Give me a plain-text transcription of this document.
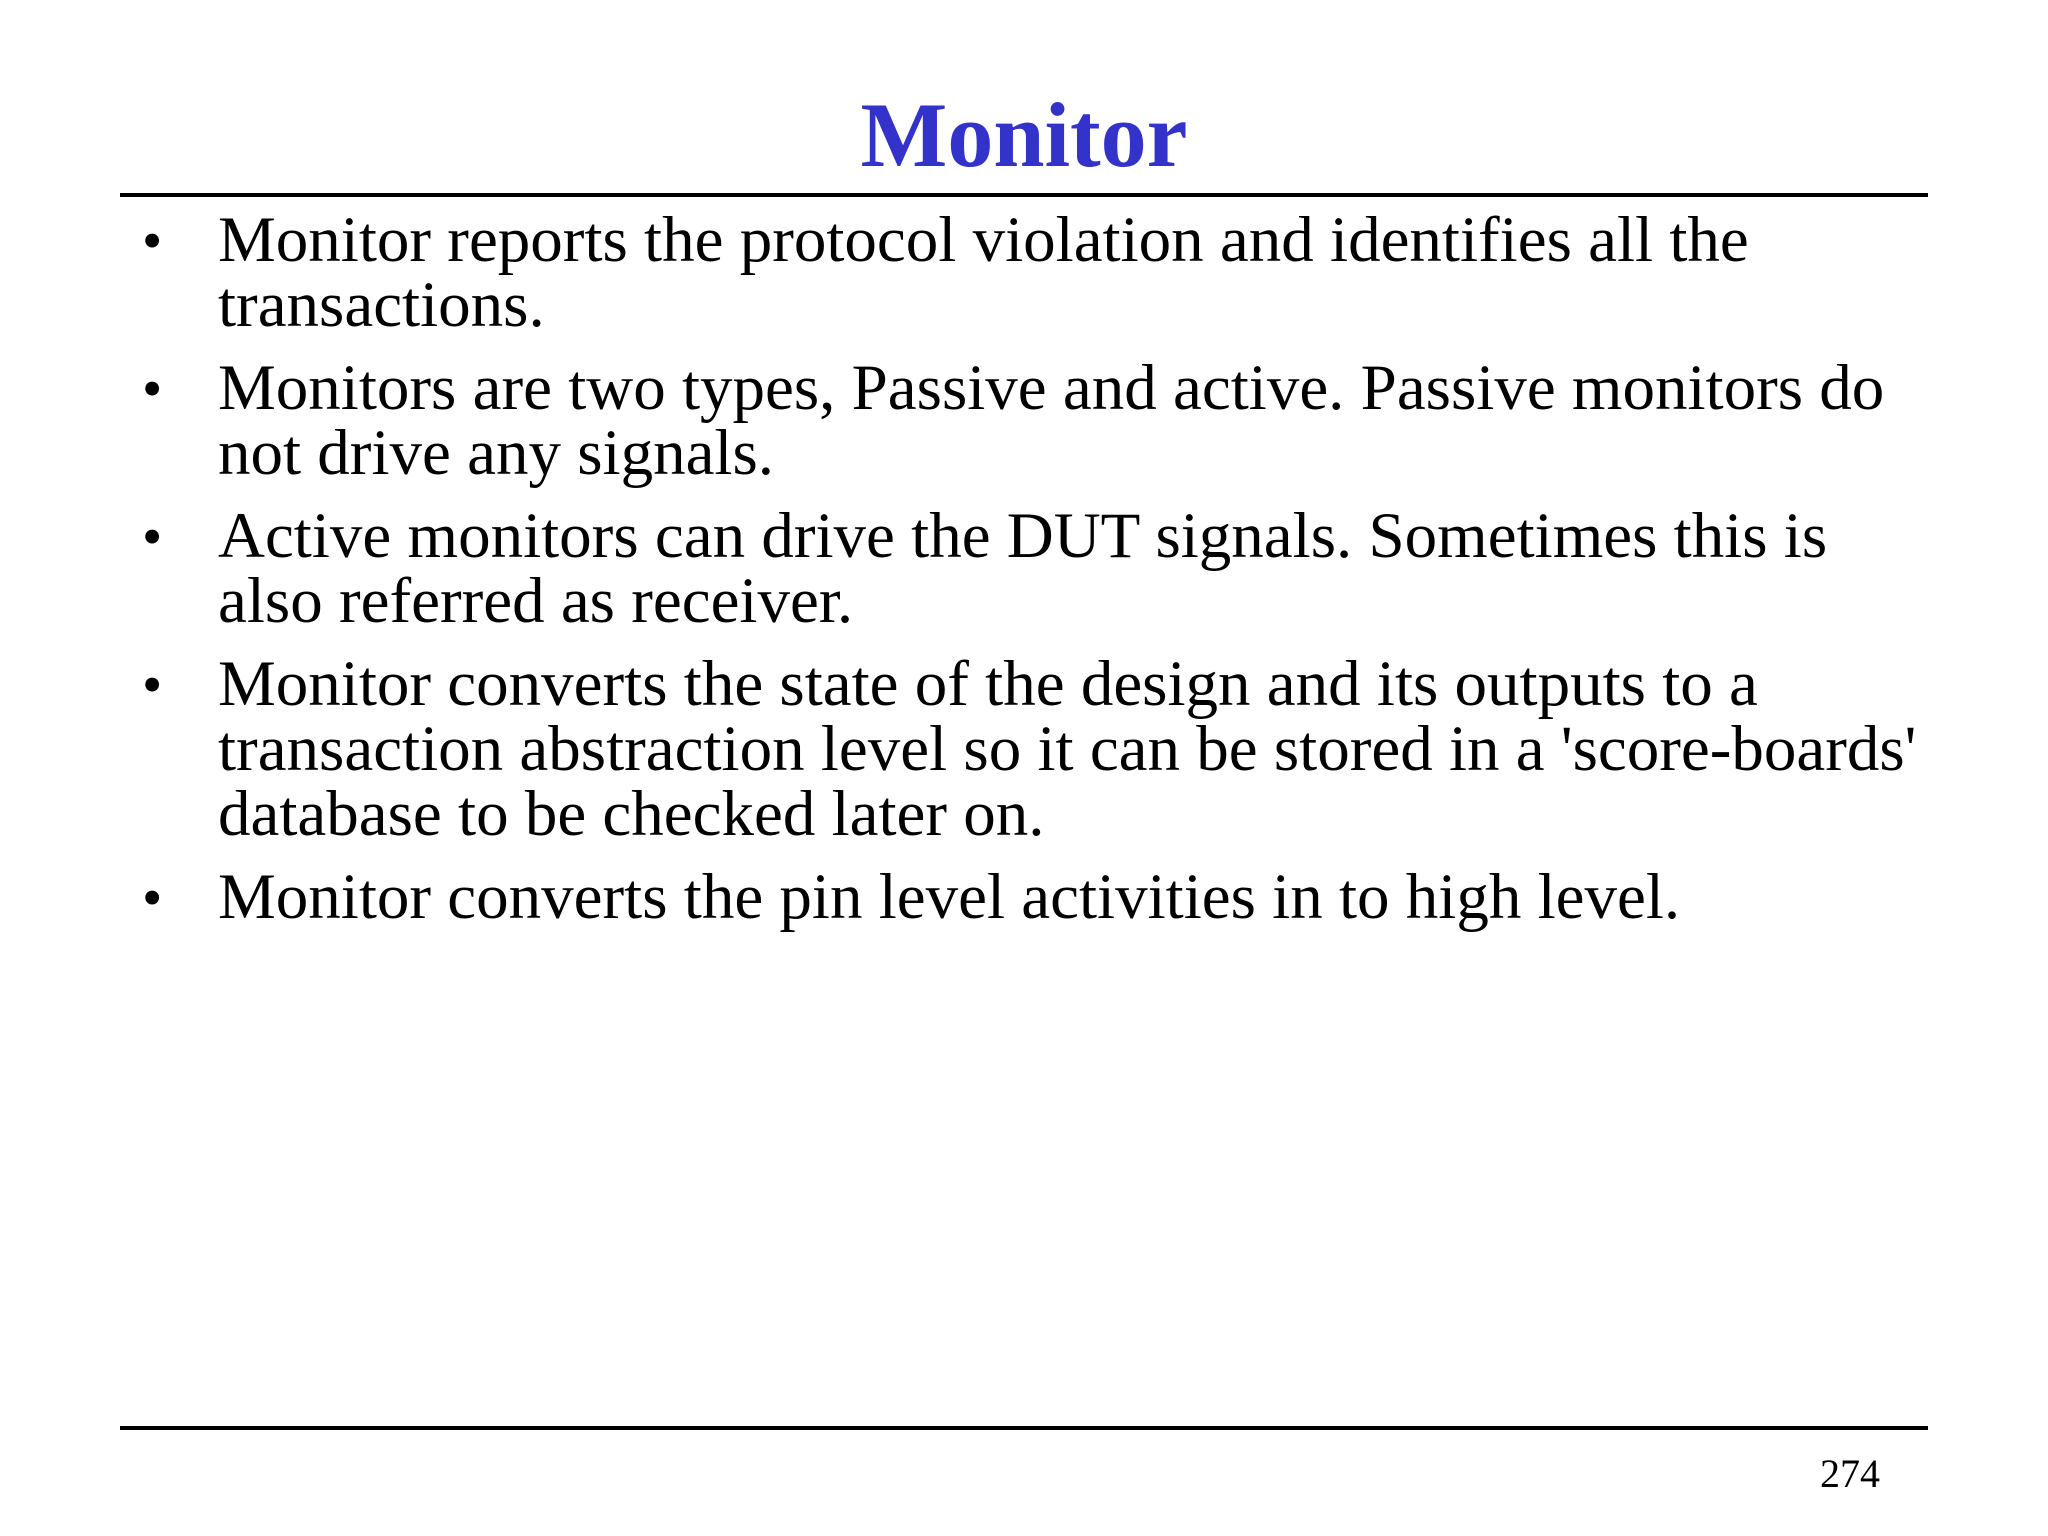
Monitor
• Monitor reports the protocol violation and identifies all the transactions.
• Monitors are two types, Passive and active. Passive monitors do not drive any signals.
• Active monitors can drive the DUT signals. Sometimes this is also referred as receiver.
• Monitor converts the state of the design and its outputs to a transaction abstraction level so it can be stored in a 'score-boards' database to be checked later on.
• Monitor converts the pin level activities in to high level.
274
